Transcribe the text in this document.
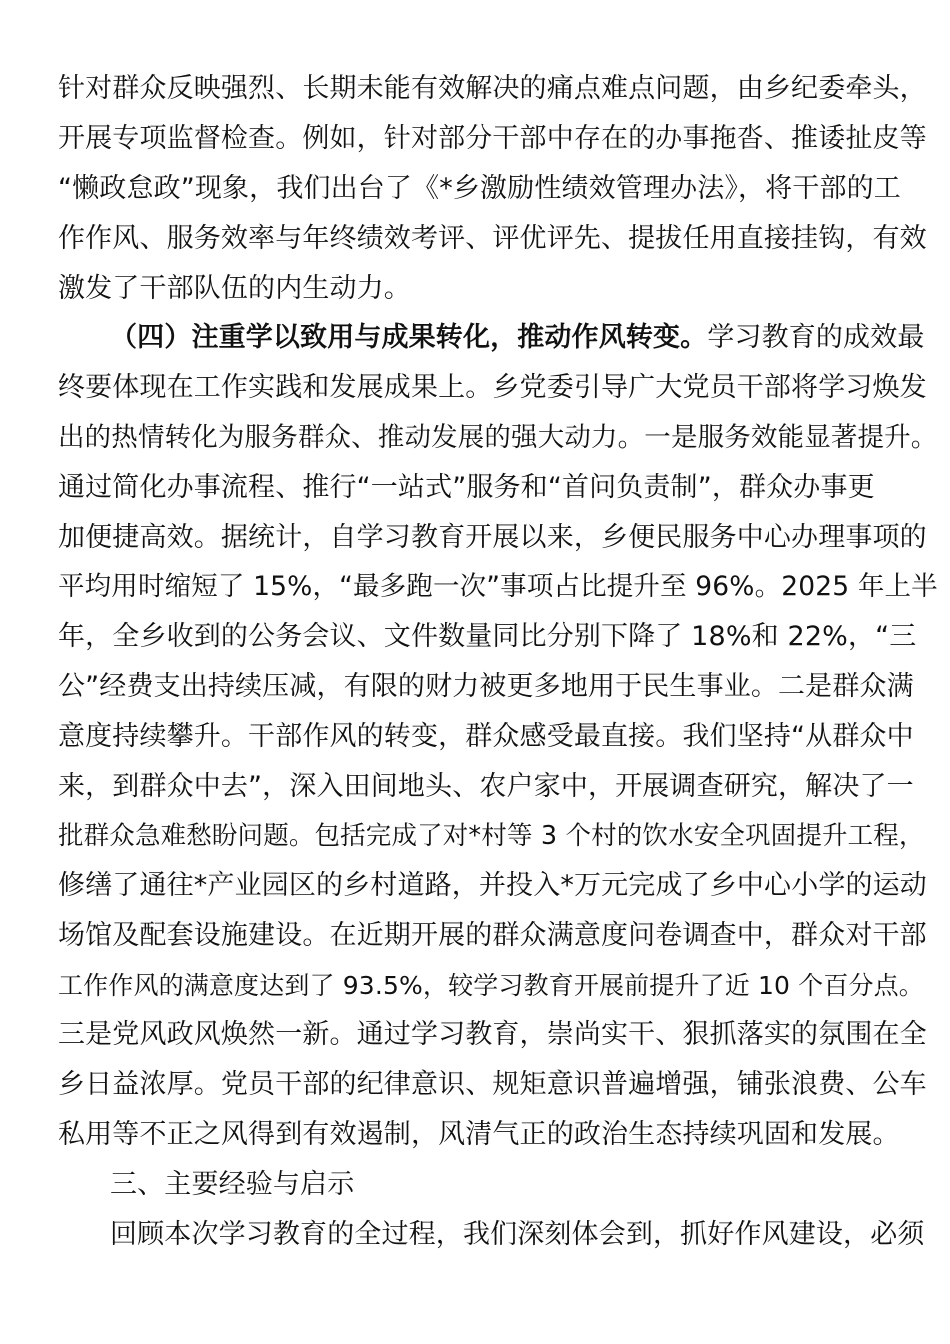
针对群众反映强烈、长期未能有效解决的痛点难点问题，由乡纪委牵头，
开展专项监督检查。例如，针对部分干部中存在的办事拖沓、推诿扯皮等
“懒政怠政”现象，我们出台了《*乡激励性绩效管理办法》，将干部的工
作作风、服务效率与年终绩效考评、评优评先、提拔任用直接挂钩，有效
激发了干部队伍的内生动力。
（四）注重学以致用与成果转化，推动作风转变。学习教育的成效最
终要体现在工作实践和发展成果上。乡党委引导广大党员干部将学习焕发
出的热情转化为服务群众、推动发展的强大动力。一是服务效能显著提升。
通过简化办事流程、推行“一站式”服务和“首问负责制”，群众办事更
加便捷高效。据统计，自学习教育开展以来，乡便民服务中心办理事项的
平均用时缩短了 15%，“最多跑一次”事项占比提升至 96%。2025 年上半
年，全乡收到的公务会议、文件数量同比分别下降了 18%和 22%，“三
公”经费支出持续压减，有限的财力被更多地用于民生事业。二是群众满
意度持续攀升。干部作风的转变，群众感受最直接。我们坚持“从群众中
来，到群众中去”，深入田间地头、农户家中，开展调查研究，解决了一
批群众急难愁盼问题。包括完成了对*村等 3 个村的饮水安全巩固提升工程，
修缮了通往*产业园区的乡村道路，并投入*万元完成了乡中心小学的运动
场馆及配套设施建设。在近期开展的群众满意度问卷调查中，群众对干部
工作作风的满意度达到了 93.5%，较学习教育开展前提升了近 10 个百分点。
三是党风政风焕然一新。通过学习教育，崇尚实干、狠抓落实的氛围在全
乡日益浓厚。党员干部的纪律意识、规矩意识普遍增强，铺张浪费、公车
私用等不正之风得到有效遏制，风清气正的政治生态持续巩固和发展。
三、主要经验与启示
回顾本次学习教育的全过程，我们深刻体会到，抓好作风建设，必须
